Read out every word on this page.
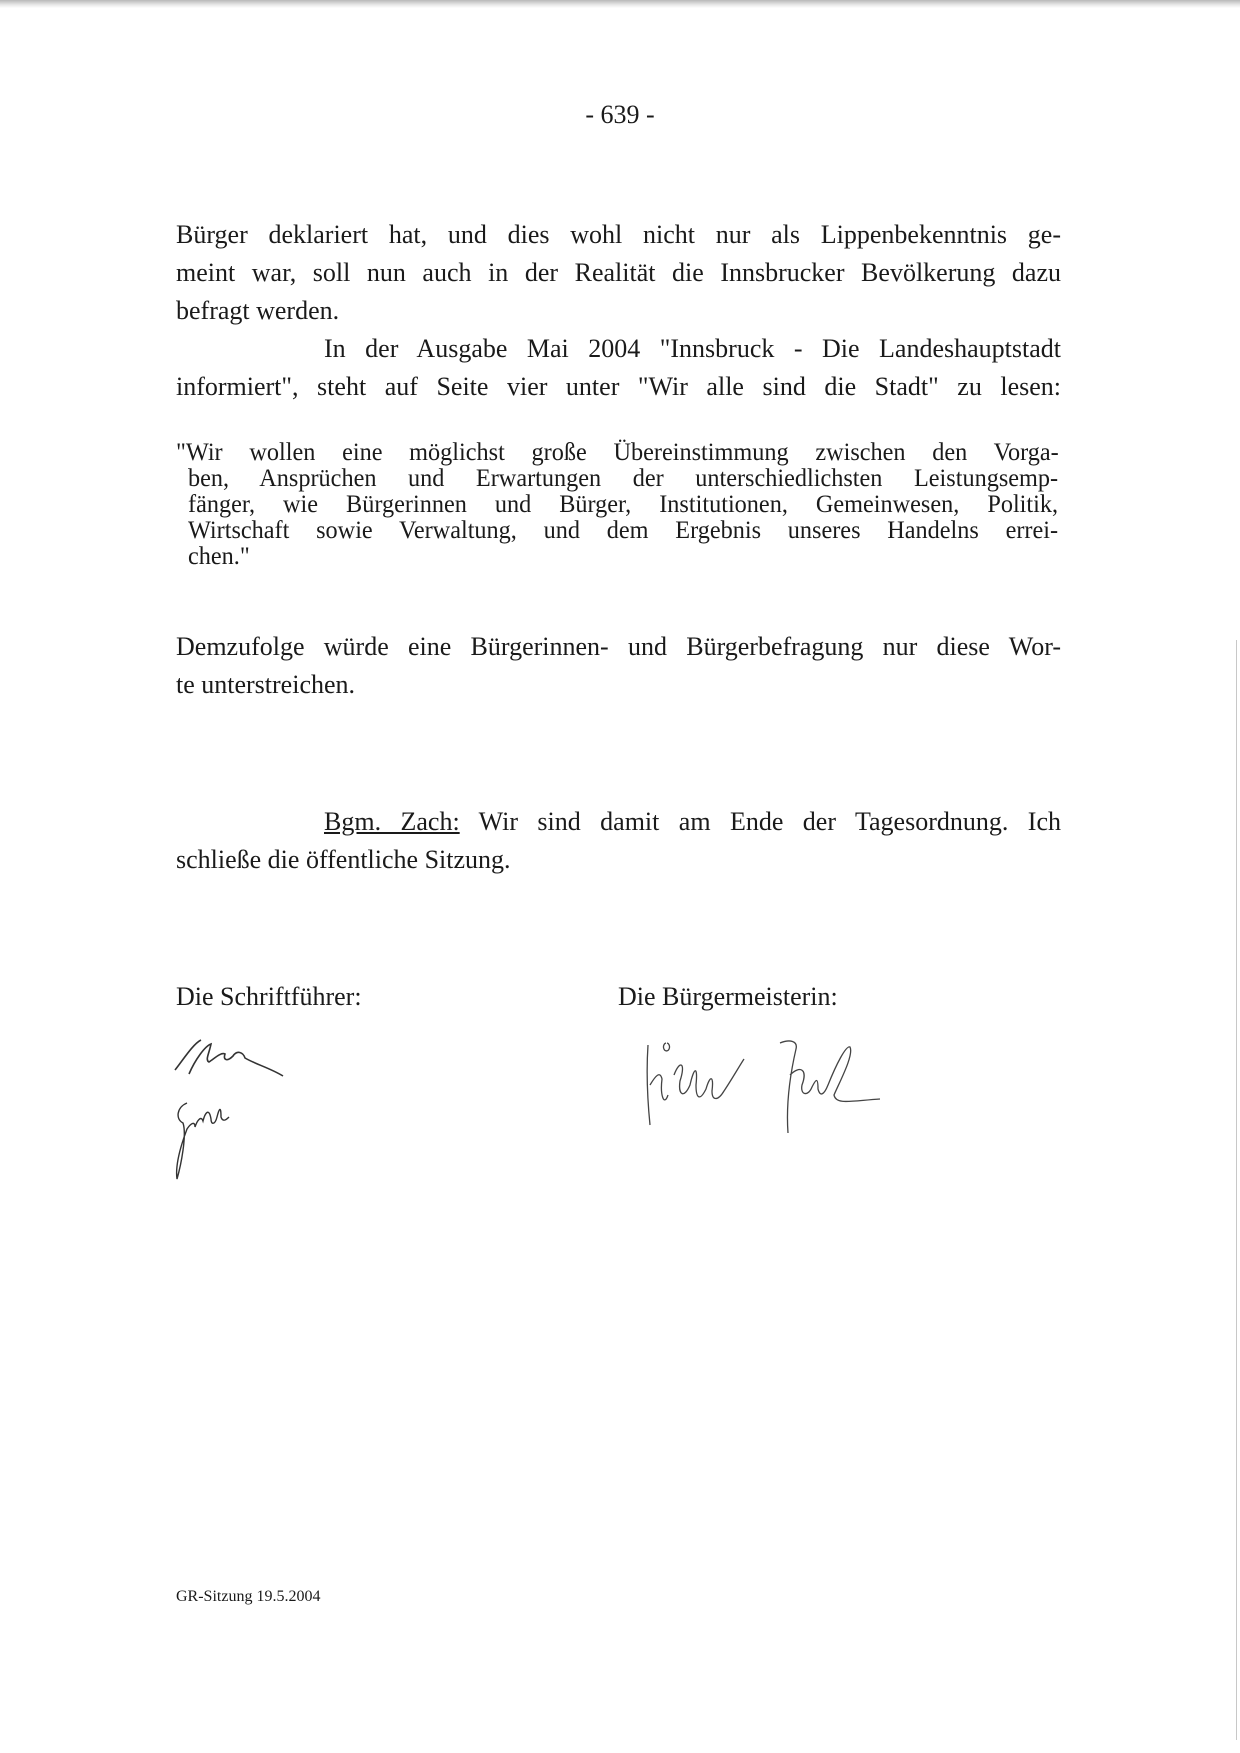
- 639 -
Bürger deklariert hat, und dies wohl nicht nur als Lippenbekenntnis ge-
meint war, soll nun auch in der Realität die Innsbrucker Bevölkerung dazu
befragt werden.
In der Ausgabe Mai 2004 "Innsbruck - Die Landeshauptstadt
informiert", steht auf Seite vier unter "Wir alle sind die Stadt" zu lesen:
"Wir wollen eine möglichst große Übereinstimmung zwischen den Vorga-
ben, Ansprüchen und Erwartungen der unterschiedlichsten Leistungsemp-
fänger, wie Bürgerinnen und Bürger, Institutionen, Gemeinwesen, Politik,
Wirtschaft sowie Verwaltung, und dem Ergebnis unseres Handelns errei-
chen."
Demzufolge würde eine Bürgerinnen- und Bürgerbefragung nur diese Wor-
te unterstreichen.
Bgm. Zach: Wir sind damit am Ende der Tagesordnung. Ich
schließe die öffentliche Sitzung.
Die Schriftführer:	Die Bürgermeisterin:
GR-Sitzung 19.5.2004
